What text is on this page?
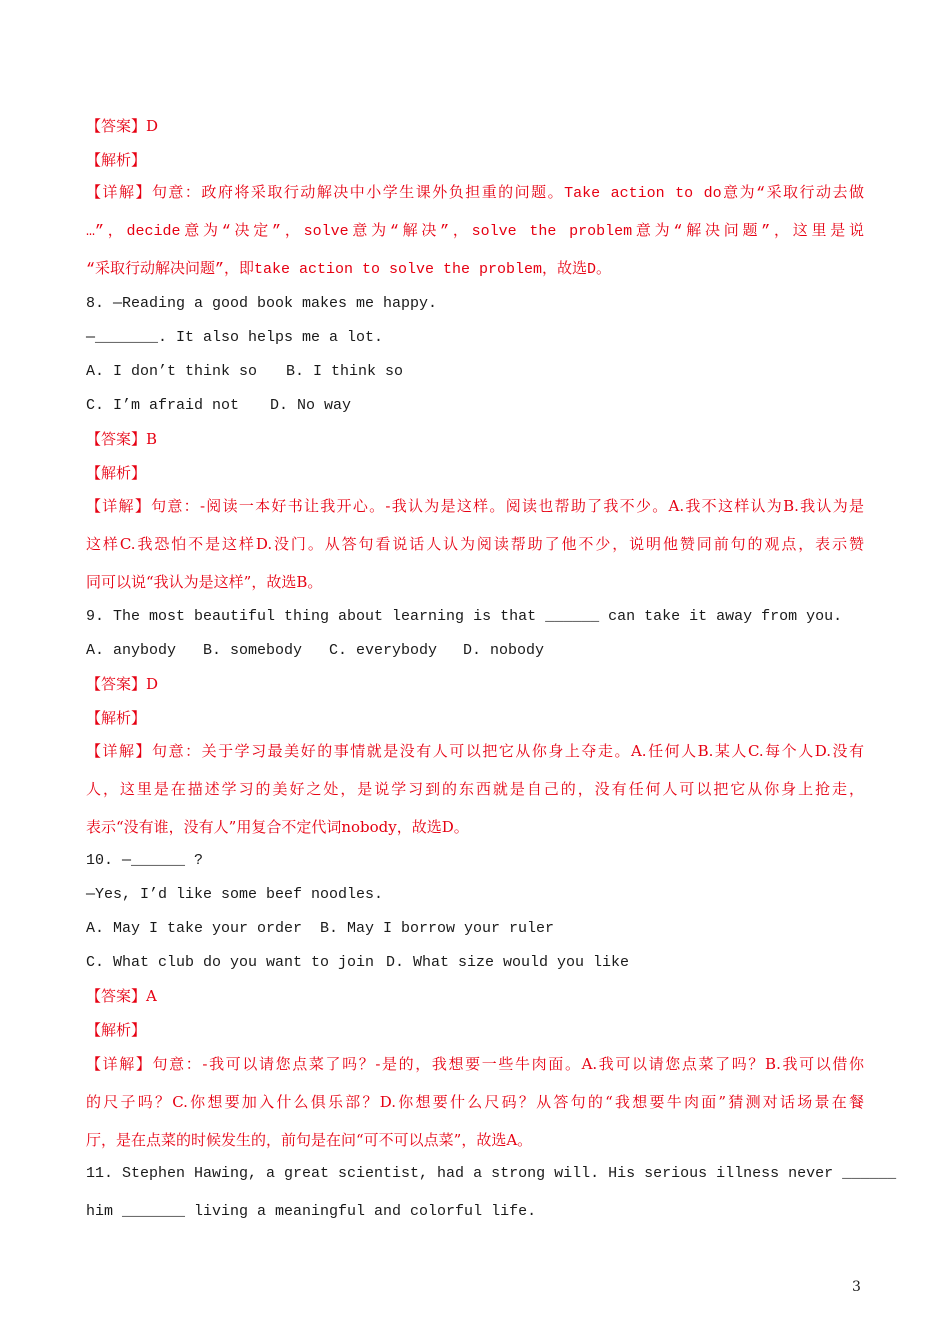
【答案】D
【解析】
【详解】句意：政府将采取行动解决中小学生课外负担重的问题。Take action to do意为“采取行动去做
…”，decide意为“决定”，solve意为“解决”，solve the problem意为“解决问题”，这里是说
“采取行动解决问题”，即take action to solve the problem，故选D。
8. —Reading a good book makes me happy.
—_______. It also helps me a lot.
A. I don’t think so B. I think so
C. I’m afraid not D. No way
【答案】B
【解析】
【详解】句意：-阅读一本好书让我开心。-我认为是这样。阅读也帮助了我不少。A.我不这样认为B.我认为是
这样C.我恐怕不是这样D.没门。从答句看说话人认为阅读帮助了他不少，说明他赞同前句的观点，表示赞
同可以说“我认为是这样”，故选B。
9. The most beautiful thing about learning is that ______ can take it away from you.
A. anybody B. somebody C. everybody D. nobody
【答案】D
【解析】
【详解】句意：关于学习最美好的事情就是没有人可以把它从你身上夺走。A.任何人B.某人C.每个人D.没有
人，这里是在描述学习的美好之处，是说学习到的东西就是自己的，没有任何人可以把它从你身上抢走，
表示“没有谁，没有人”用复合不定代词nobody，故选D。
10. —______ ?
—Yes, I’d like some beef noodles.
A. May I take your order B. May I borrow your ruler
C. What club do you want to join D. What size would you like
【答案】A
【解析】
【详解】句意：-我可以请您点菜了吗？-是的，我想要一些牛肉面。A.我可以请您点菜了吗？B.我可以借你
的尺子吗？C.你想要加入什么俱乐部？D.你想要什么尺码？从答句的“我想要牛肉面”猜测对话场景在餐
厅，是在点菜的时候发生的，前句是在问“可不可以点菜”，故选A。
11. Stephen Hawing, a great scientist, had a strong will. His serious illness never ______
him _______ living a meaningful and colorful life.
3
